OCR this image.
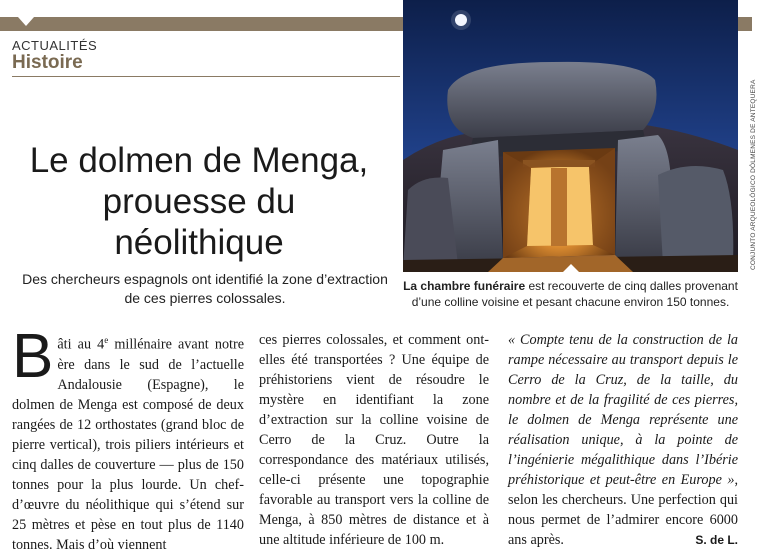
ACTUALITÉS
Histoire
Le dolmen de Menga, prouesse du néolithique
Des chercheurs espagnols ont identifié la zone d’extraction de ces pierres colossales.
CONJUNTO ARQUEOLÓGICO DÓLMENES DE ANTEQUERA
La chambre funéraire est recouverte de cinq dalles provenant d’une colline voisine et pesant chacune environ 150 tonnes.
Bâti au 4e millénaire avant notre ère dans le sud de l’actuelle Andalousie (Espagne), le dolmen de Menga est composé de deux rangées de 12 orthostates (grand bloc de pierre vertical), trois piliers intérieurs et cinq dalles de couverture — plus de 150 tonnes pour la plus lourde. Un chef-d’œuvre du néolithique qui s’étend sur 25 mètres et pèse en tout plus de 1140 tonnes. Mais d’où viennent
ces pierres colossales, et comment ont-elles été transportées ? Une équipe de préhistoriens vient de résoudre le mystère en identifiant la zone d’extraction sur la colline voisine de Cerro de la Cruz. Outre la correspondance des matériaux utilisés, celle-ci présente une topographie favorable au transport vers la colline de Menga, à 850 mètres de distance et à une altitude inférieure de 100 m.
« Compte tenu de la construction de la rampe nécessaire au transport depuis le Cerro de la Cruz, de la taille, du nombre et de la fragilité de ces pierres, le dolmen de Menga représente une réalisation unique, à la pointe de l’ingénierie mégalithique dans l’Ibérie préhistorique et peut-être en Europe », selon les chercheurs. Une perfection qui nous permet de l’admirer encore 6000 ans après.	S. de L.
